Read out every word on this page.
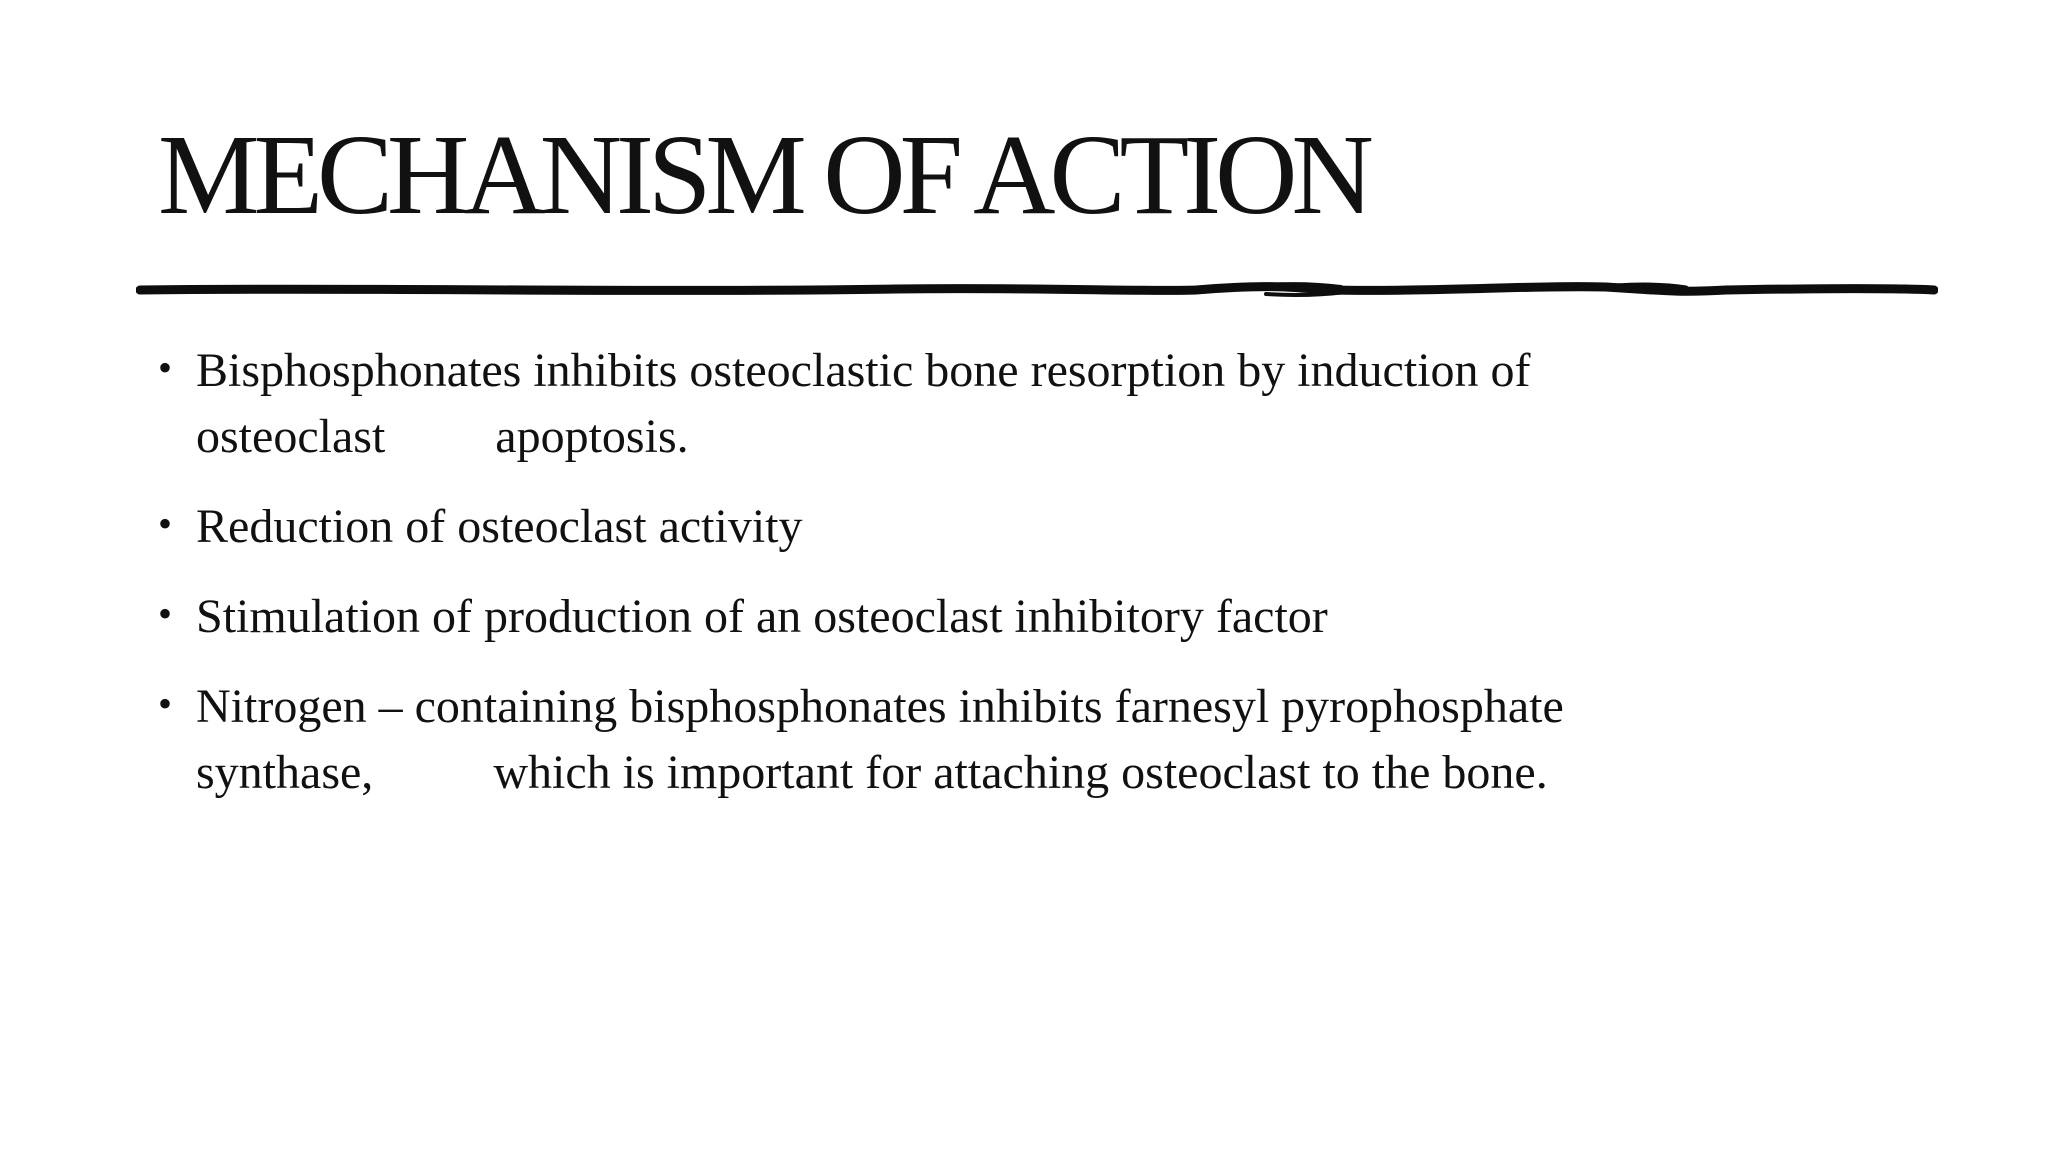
MECHANISM OF ACTION
• Bisphosphonates inhibits osteoclastic bone resorption by induction of
osteoclast apoptosis.
• Reduction of osteoclast activity
• Stimulation of production of an osteoclast inhibitory factor
• Nitrogen – containing bisphosphonates inhibits farnesyl pyrophosphate
synthase,	which is important for attaching osteoclast to the bone.
